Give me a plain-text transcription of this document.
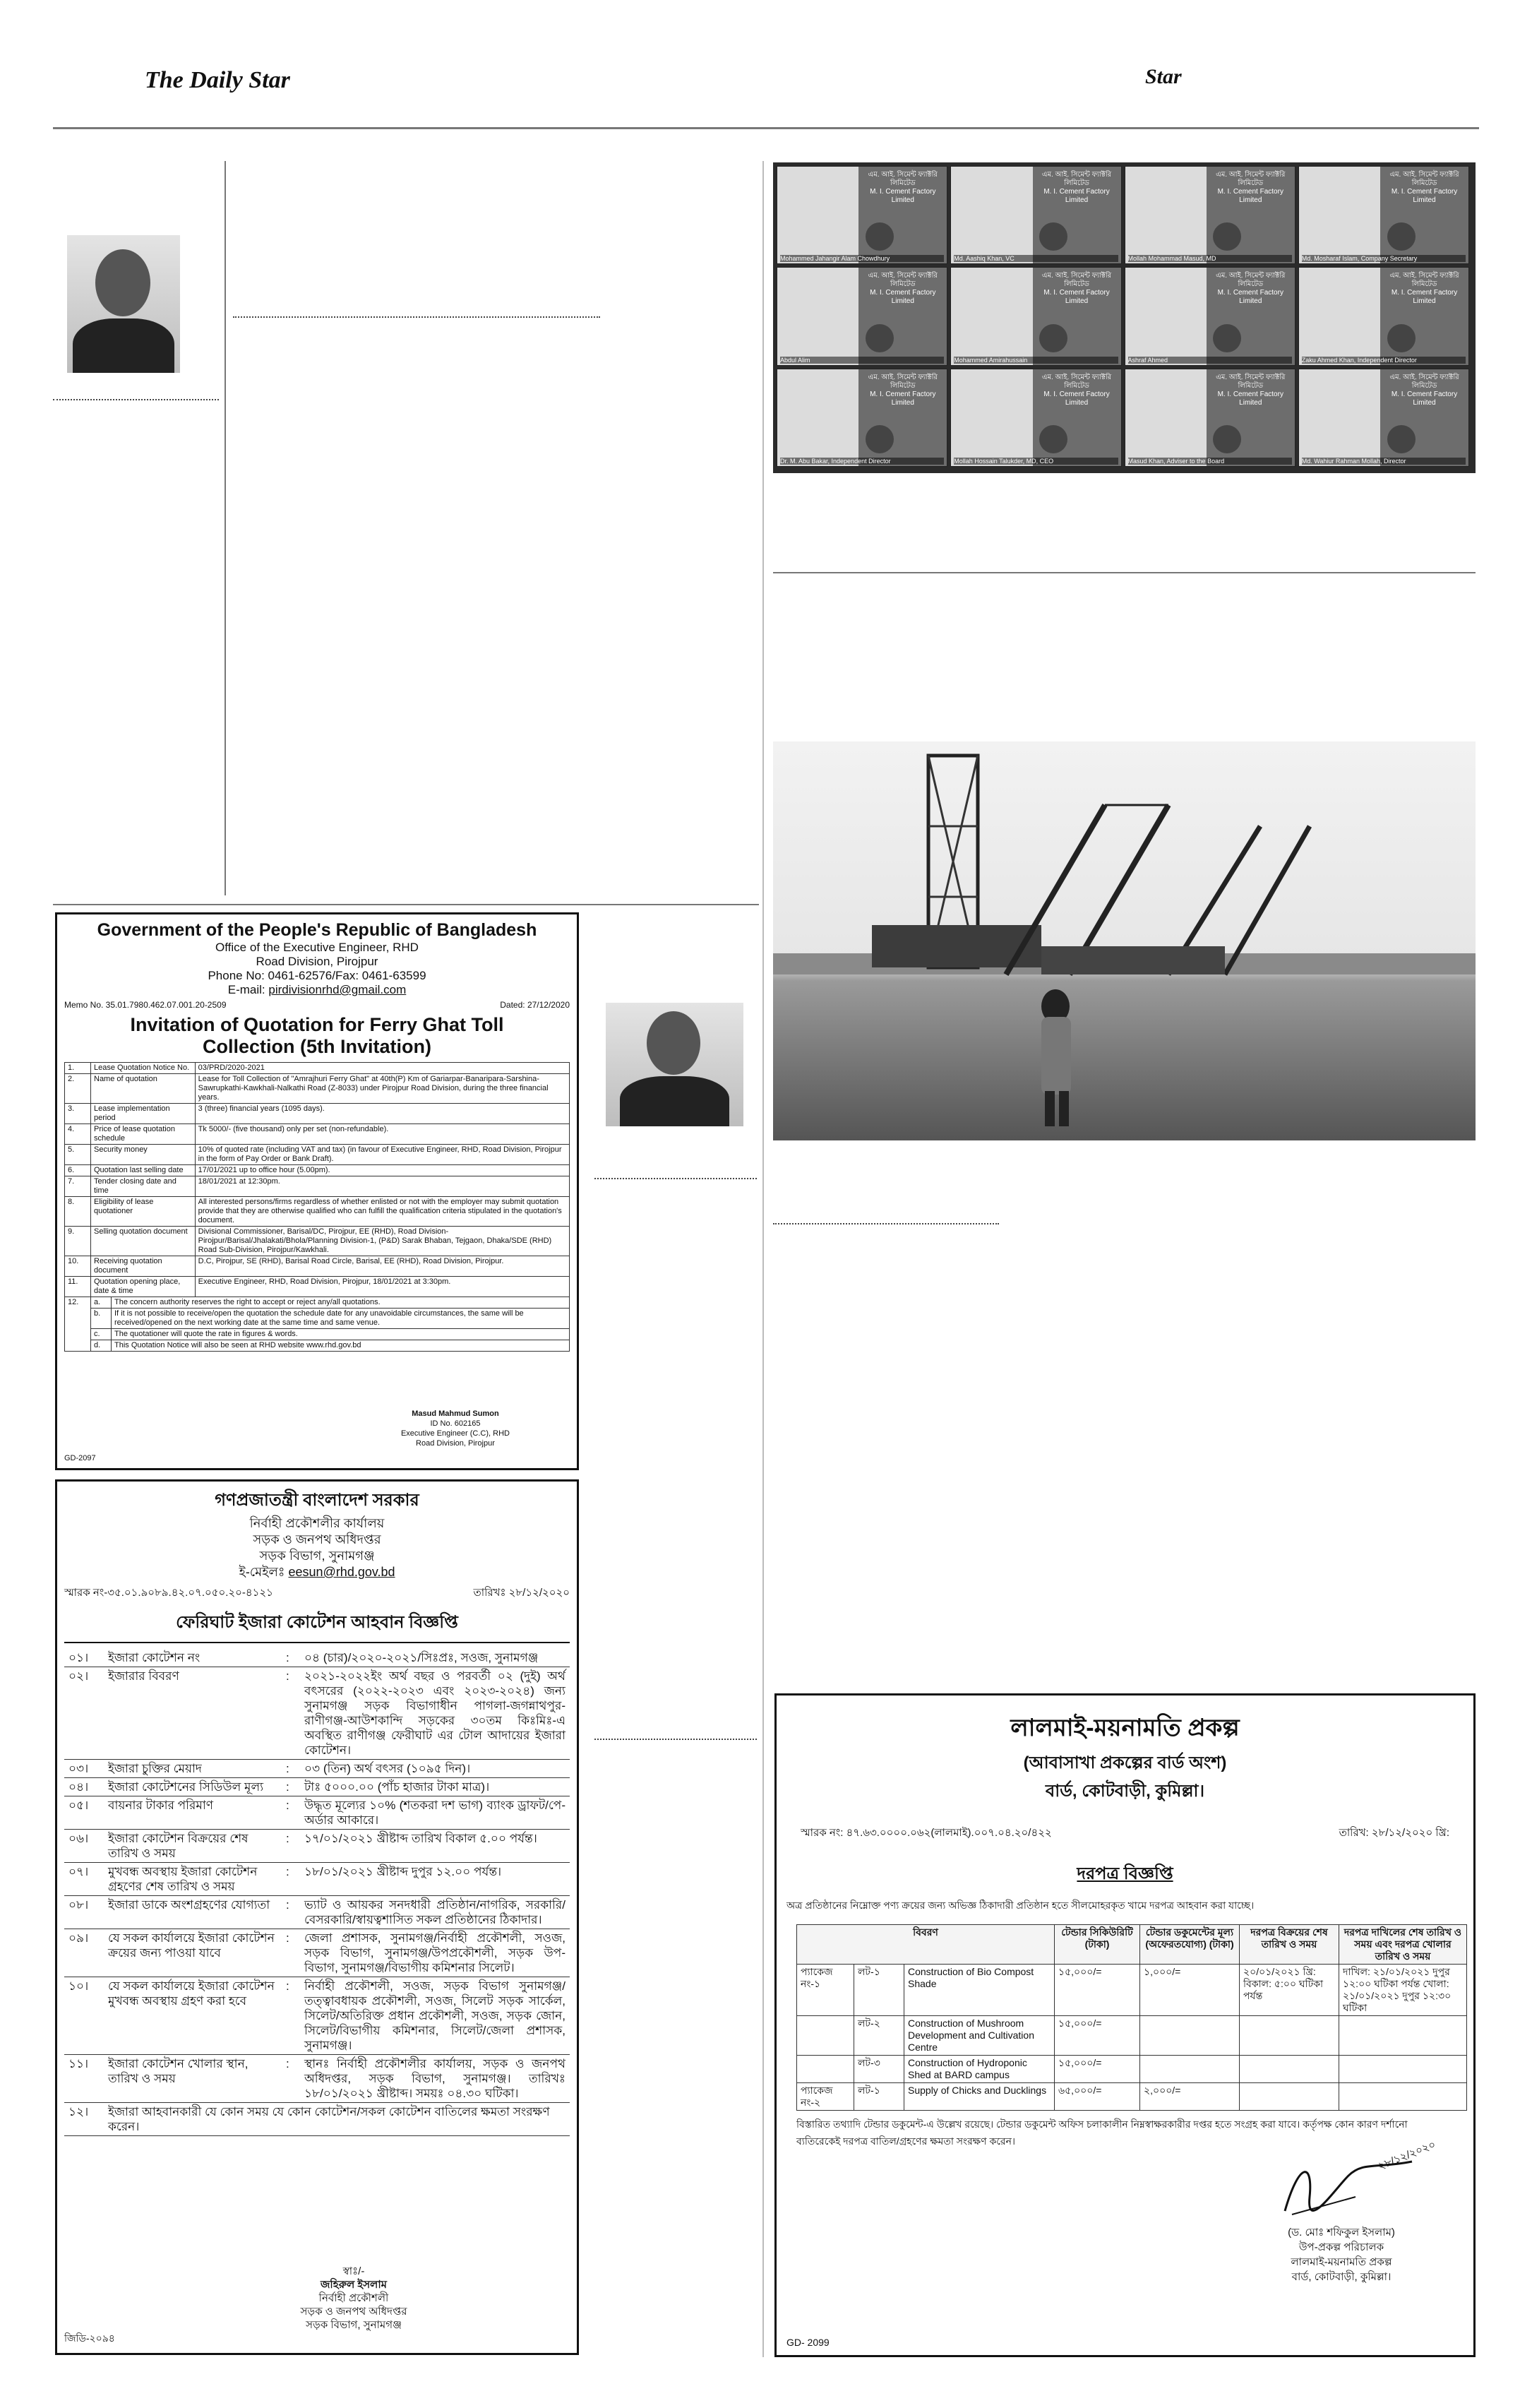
The Daily Star	Star
এম. আই. সিমেন্ট ফ্যাক্টরি লিমিটেড
M. I. Cement Factory Limited
Mohammed Jahangir Alam Chowdhury
এম. আই. সিমেন্ট ফ্যাক্টরি লিমিটেড
M. I. Cement Factory Limited
Md. Aashiq Khan, VC
এম. আই. সিমেন্ট ফ্যাক্টরি লিমিটেড
M. I. Cement Factory Limited
Mollah Mohammad Masud, MD
এম. আই. সিমেন্ট ফ্যাক্টরি লিমিটেড
M. I. Cement Factory Limited
Md. Mosharaf Islam, Company Secretary
এম. আই. সিমেন্ট ফ্যাক্টরি লিমিটেড
M. I. Cement Factory Limited
Abdul Alim
এম. আই. সিমেন্ট ফ্যাক্টরি লিমিটেড
M. I. Cement Factory Limited
Mohammed Amirahussain
এম. আই. সিমেন্ট ফ্যাক্টরি লিমিটেড
M. I. Cement Factory Limited
Ashraf Ahmed
এম. আই. সিমেন্ট ফ্যাক্টরি লিমিটেড
M. I. Cement Factory Limited
Zaku Ahmed Khan, Independent Director
এম. আই. সিমেন্ট ফ্যাক্টরি লিমিটেড
M. I. Cement Factory Limited
Dr. M. Abu Bakar, Independent Director
এম. আই. সিমেন্ট ফ্যাক্টরি লিমিটেড
M. I. Cement Factory Limited
Mollah Hossain Talukder, MD, CEO
এম. আই. সিমেন্ট ফ্যাক্টরি লিমিটেড
M. I. Cement Factory Limited
Masud Khan, Adviser to the Board
এম. আই. সিমেন্ট ফ্যাক্টরি লিমিটেড
M. I. Cement Factory Limited
Md. Wahiur Rahman Mollah, Director
Government of the People's Republic of Bangladesh
Office of the Executive Engineer, RHD
Road Division, Pirojpur
Phone No: 0461-62576/Fax: 0461-63599
E-mail: pirdivisionrhd@gmail.com
Memo No. 35.01.7980.462.07.001.20-2509	Dated: 27/12/2020
Invitation of Quotation for Ferry Ghat Toll Collection (5th Invitation)
1.	Lease Quotation Notice No.		03/PRD/2020-2021
2.	Name of quotation		Lease for Toll Collection of "Amrajhuri Ferry Ghat" at 40th(P) Km of Gariarpar-Banaripara-Sarshina-Sawrupkathi-Kawkhali-Nalkathi Road (Z-8033) under Pirojpur Road Division, during the three financial years.
3.	Lease implementation period		3 (three) financial years (1095 days).
4.	Price of lease quotation schedule		Tk 5000/- (five thousand) only per set (non-refundable).
5.	Security money		10% of quoted rate (including VAT and tax) (in favour of Executive Engineer, RHD, Road Division, Pirojpur in the form of Pay Order or Bank Draft).
6.	Quotation last selling date		17/01/2021 up to office hour (5.00pm).
7.	Tender closing date and time		18/01/2021 at 12:30pm.
8.	Eligibility of lease quotationer		All interested persons/firms regardless of whether enlisted or not with the employer may submit quotation provide that they are otherwise qualified who can fulfill the qualification criteria stipulated in the quotation's document.
9.	Selling quotation document		Divisional Commissioner, Barisal/DC, Pirojpur, EE (RHD), Road Division-Pirojpur/Barisal/Jhalakati/Bhola/Planning Division-1, (P&D) Sarak Bhaban, Tejgaon, Dhaka/SDE (RHD) Road Sub-Division, Pirojpur/Kawkhali.
10.	Receiving quotation document		D.C, Pirojpur, SE (RHD), Barisal Road Circle, Barisal, EE (RHD), Road Division, Pirojpur.
11.	Quotation opening place, date & time		Executive Engineer, RHD, Road Division, Pirojpur, 18/01/2021 at 3:30pm.
12.	a.	The concern authority reserves the right to accept or reject any/all quotations.	
	b.	If it is not possible to receive/open the quotation the schedule date for any unavoidable circumstances, the same will be received/opened on the next working date at the same time and same venue.	
	c.	The quotationer will quote the rate in figures & words.	
	d.	This Quotation Notice will also be seen at RHD website www.rhd.gov.bd	
Masud Mahmud Sumon
ID No. 602165
Executive Engineer (C.C), RHD
Road Division, Pirojpur
GD-2097
গণপ্রজাতন্ত্রী বাংলাদেশ সরকার
নির্বাহী প্রকৌশলীর কার্যালয়
সড়ক ও জনপথ অধিদপ্তর
সড়ক বিভাগ, সুনামগঞ্জ
ই-মেইলঃ eesun@rhd.gov.bd
স্মারক নং-৩৫.০১.৯০৮৯.৪২.০৭.০৫০.২০-৪১২১	তারিখঃ ২৮/১২/২০২০
ফেরিঘাট ইজারা কোটেশন আহবান বিজ্ঞপ্তি
০১।	ইজারা কোটেশন নং	:	০৪ (চার)/২০২০-২০২১/সিঃপ্রঃ, সওজ, সুনামগঞ্জ
০২।	ইজারার বিবরণ	:	২০২১-২০২২ইং অর্থ বছর ও পরবর্তী ০২ (দুই) অর্থ বৎসরের (২০২২-২০২৩ এবং ২০২৩-২০২৪) জন্য সুনামগঞ্জ সড়ক বিভাগাধীন পাগলা-জগন্নাথপুর-রাণীগঞ্জ-আউশকান্দি সড়কের ৩০তম কিঃমিঃ-এ অবস্থিত রাণীগঞ্জ ফেরীঘাট এর টোল আদায়ের ইজারা কোটেশন।
০৩।	ইজারা চুক্তির মেয়াদ	:	০৩ (তিন) অর্থ বৎসর (১০৯৫ দিন)।
০৪।	ইজারা কোটেশনের সিডিউল মূল্য	:	টাঃ ৫০০০.০০ (পাঁচ হাজার টাকা মাত্র)।
০৫।	বায়নার টাকার পরিমাণ	:	উদ্ধৃত মূল্যের ১০% (শতকরা দশ ভাগ) ব্যাংক ড্রাফট/পে-অর্ডার আকারে।
০৬।	ইজারা কোটেশন বিক্রয়ের শেষ তারিখ ও সময়	:	১৭/০১/২০২১ খ্রীষ্টাব্দ তারিখ বিকাল ৫.০০ পর্যন্ত।
০৭।	মুখবন্ধ অবস্থায় ইজারা কোটেশন গ্রহণের শেষ তারিখ ও সময়	:	১৮/০১/২০২১ খ্রীষ্টাব্দ দুপুর ১২.০০ পর্যন্ত।
০৮।	ইজারা ডাকে অংশগ্রহণের যোগ্যতা	:	ভ্যাট ও আয়কর সনদধারী প্রতিষ্ঠান/নাগরিক, সরকারি/বেসরকারি/স্বায়ত্বশাসিত সকল প্রতিষ্ঠানের ঠিকাদার।
০৯।	যে সকল কার্যালয়ে ইজারা কোটেশন ক্রয়ের জন্য পাওয়া যাবে	:	জেলা প্রশাসক, সুনামগঞ্জ/নির্বাহী প্রকৌশলী, সওজ, সড়ক বিভাগ, সুনামগঞ্জ/উপপ্রকৌশলী, সড়ক উপ-বিভাগ, সুনামগঞ্জ/বিভাগীয় কমিশনার সিলেট।
১০।	যে সকল কার্যালয়ে ইজারা কোটেশন মুখবন্ধ অবস্থায় গ্রহণ করা হবে	:	নির্বাহী প্রকৌশলী, সওজ, সড়ক বিভাগ সুনামগঞ্জ/তত্ত্বাবধায়ক প্রকৌশলী, সওজ, সিলেট সড়ক সার্কেল, সিলেট/অতিরিক্ত প্রধান প্রকৌশলী, সওজ, সড়ক জোন, সিলেট/বিভাগীয় কমিশনার, সিলেট/জেলা প্রশাসক, সুনামগঞ্জ।
১১।	ইজারা কোটেশন খোলার স্থান, তারিখ ও সময়	:	স্থানঃ নির্বাহী প্রকৌশলীর কার্যালয়, সড়ক ও জনপথ অধিদপ্তর, সড়ক বিভাগ, সুনামগঞ্জ। তারিখঃ ১৮/০১/২০২১ খ্রীষ্টাব্দ। সময়ঃ ০৪.৩০ ঘটিকা।
১২।	ইজারা আহবানকারী যে কোন সময় যে কোন কোটেশন/সকল কোটেশন বাতিলের ক্ষমতা সংরক্ষণ করেন।		
স্বাঃ/-
জহিরুল ইসলাম
নির্বাহী প্রকৌশলী
সড়ক ও জনপথ অধিদপ্তর
সড়ক বিভাগ, সুনামগঞ্জ
জিডি-২০৯৪
লালমাই-ময়নামতি প্রকল্প
(আবাসাখা প্রকল্পের বার্ড অংশ)
বার্ড, কোটবাড়ী, কুমিল্লা।
স্মারক নং: ৪৭.৬৩.০০০০.০৬২(লালমাই).০০৭.০৪.২০/৪২২	তারিখ: ২৮/১২/২০২০ খ্রি:
দরপত্র বিজ্ঞপ্তি
অত্র প্রতিষ্ঠানের নিম্নোক্ত পণ্য ক্রয়ের জন্য অভিজ্ঞ ঠিকাদারী প্রতিষ্ঠান হতে সীলমোহরকৃত খামে দরপত্র আহবান করা যাচ্ছে।
বিবরণ			টেন্ডার সিকিউরিটি (টাকা)	টেন্ডার ডকুমেন্টের মূল্য (অফেরতযোগ্য) (টাকা)	দরপত্র বিক্রয়ের শেষ তারিখ ও সময়	দরপত্র দাখিলের শেষ তারিখ ও সময় এবং দরপত্র খোলার তারিখ ও সময়
প্যাকেজ নং-১	লট-১	Construction of Bio Compost Shade	১৫,০০০/=	১,০০০/=	২০/০১/২০২১ খ্রি: বিকাল: ৫:০০ ঘটিকা পর্যন্ত	দাখিল: ২১/০১/২০২১ দুপুর ১২:০০ ঘটিকা পর্যন্ত খোলা: ২১/০১/২০২১ দুপুর ১২:৩০ ঘটিকা
	লট-২	Construction of Mushroom Development and Cultivation Centre	১৫,০০০/=			
	লট-৩	Construction of Hydroponic Shed at BARD campus	১৫,০০০/=			
প্যাকেজ নং-২	লট-১	Supply of Chicks and Ducklings	৬৫,০০০/=	২,০০০/=		
বিস্তারিত তথ্যাদি টেন্ডার ডকুমেন্ট-এ উল্লেখ রয়েছে। টেন্ডার ডকুমেন্ট অফিস চলাকালীন নিম্নস্বাক্ষরকারীর দপ্তর হতে সংগ্রহ করা যাবে। কর্তৃপক্ষ কোন কারণ দর্শানো ব্যতিরেকেই দরপত্র বাতিল/গ্রহণের ক্ষমতা সংরক্ষণ করেন।	২৮/১২/২০২০
(ড. মোঃ শফিকুল ইসলাম)
উপ-প্রকল্প পরিচালক
লালমাই-ময়নামতি প্রকল্প
বার্ড, কোটবাড়ী, কুমিল্লা।
GD- 2099
